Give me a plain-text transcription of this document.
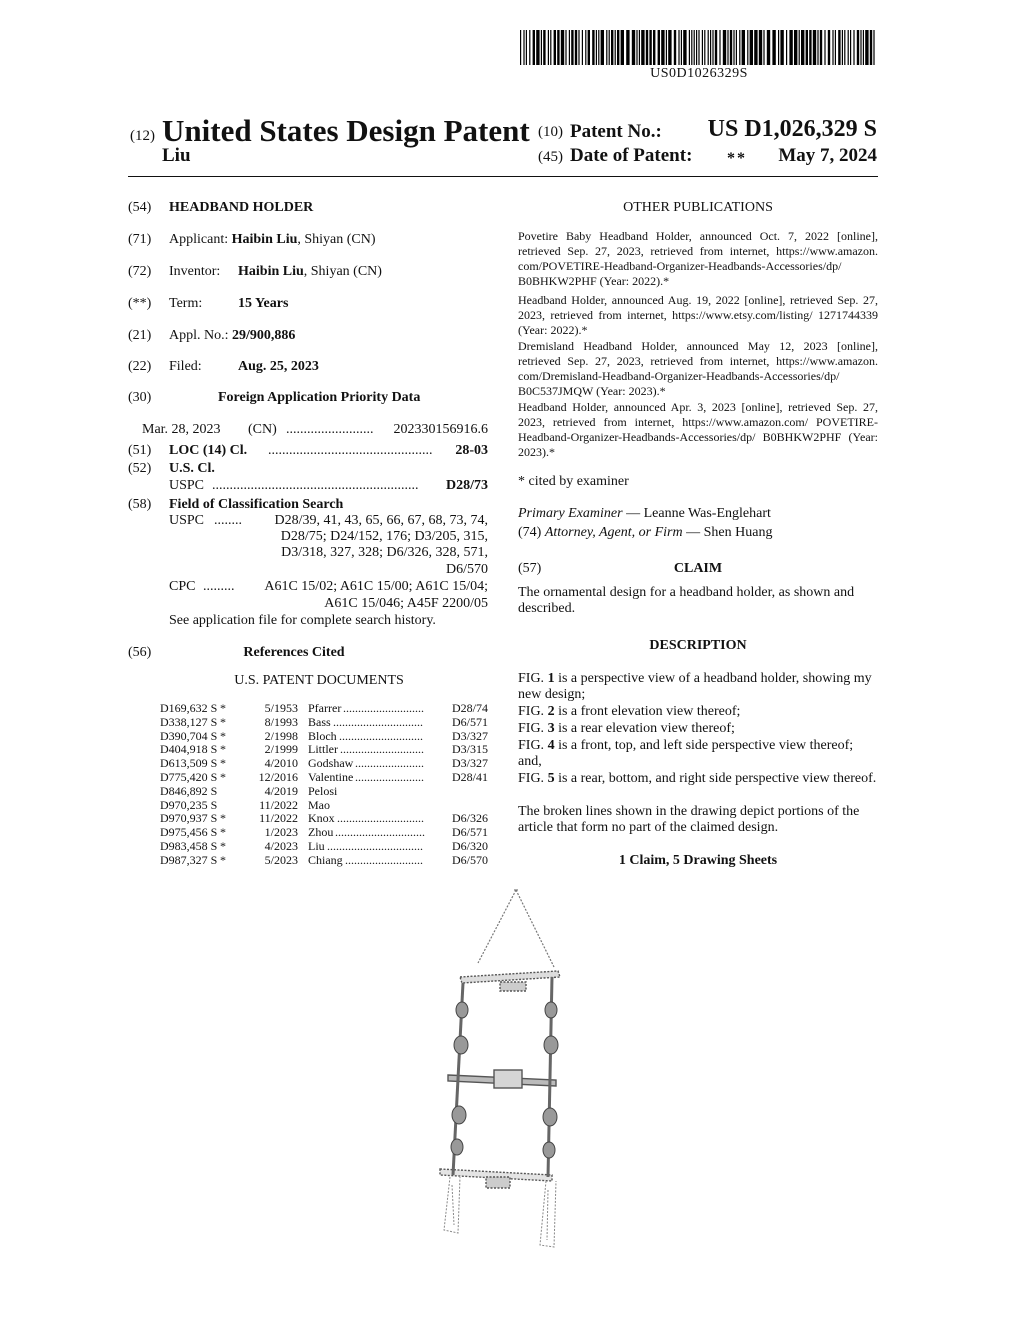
US0D1026329S
(12) United States Design Patent
Liu
(10) Patent No.: US D1,026,329 S
(45) Date of Patent: ** May 7, 2024
(54) HEADBAND HOLDER
(71) Applicant: Haibin Liu, Shiyan (CN)
(72) Inventor: Haibin Liu, Shiyan (CN)
(**) Term:	15 Years
(21) Appl. No.: 29/900,886
(22) Filed:	Aug. 25, 2023
(30)	Foreign Application Priority Data
Mar. 28, 2023 (CN) .........................	202330156916.6
(51) LOC (14) Cl. ...............................................	28-03
(52) U.S. Cl.
USPC ...........................................................	D28/73
(58) Field of Classification Search
USPC ........	D28/39, 41, 43, 65, 66, 67, 68, 73, 74,
D28/75; D24/152, 176; D3/205, 315,
D3/318, 327, 328; D6/326, 328, 571,
D6/570
CPC .........	A61C 15/02; A61C 15/00; A61C 15/04;
A61C 15/046; A45F 2200/05
See application file for complete search history.
(56)	References Cited
U.S. PATENT DOCUMENTS
D169,632 S *	5/1953 Pfarrer ...........................	D28/74
D338,127 S *	8/1993 Bass ..............................	D6/571
D390,704 S *	2/1998 Bloch ............................	D3/327
D404,918 S *	2/1999 Littler ............................	D3/315
D613,509 S *	4/2010 Godshaw .......................	D3/327
D775,420 S *	12/2016 Valentine .......................	D28/41
D846,892 S	4/2019 Pelosi
D970,235 S	11/2022 Mao
D970,937 S *	11/2022 Knox .............................	D6/326
D975,456 S *	1/2023 Zhou ..............................	D6/571
D983,458 S *	4/2023 Liu ................................	D6/320
D987,327 S *	5/2023 Chiang ..........................	D6/570
OTHER PUBLICATIONS
Povetire Baby Headband Holder, announced Oct. 7, 2022 [online], retrieved Sep. 27, 2023, retrieved from internet, https://www.amazon. com/POVETIRE-Headband-Organizer-Headbands-Accessories/dp/ B0BHKW2PHF (Year: 2022).*
Headband Holder, announced Aug. 19, 2022 [online], retrieved Sep. 27, 2023, retrieved from internet, https://www.etsy.com/listing/ 1271744339 (Year: 2022).*
Dremisland Headband Holder, announced May 12, 2023 [online], retrieved Sep. 27, 2023, retrieved from internet, https://www.amazon. com/Dremisland-Headband-Organizer-Headbands-Accessories/dp/ B0C537JMQW (Year: 2023).*
Headband Holder, announced Apr. 3, 2023 [online], retrieved Sep. 27, 2023, retrieved from internet, https://www.amazon.com/ POVETIRE-Headband-Organizer-Headbands-Accessories/dp/ B0BHKW2PHF (Year: 2023).*
* cited by examiner
Primary Examiner — Leanne Was-Englehart
(74) Attorney, Agent, or Firm — Shen Huang
(57)	CLAIM
The ornamental design for a headband holder, as shown and described.
DESCRIPTION
FIG. 1 is a perspective view of a headband holder, showing my new design;
FIG. 2 is a front elevation view thereof;
FIG. 3 is a rear elevation view thereof;
FIG. 4 is a front, top, and left side perspective view thereof; and,
FIG. 5 is a rear, bottom, and right side perspective view thereof.
The broken lines shown in the drawing depict portions of the article that form no part of the claimed design.
1 Claim, 5 Drawing Sheets
